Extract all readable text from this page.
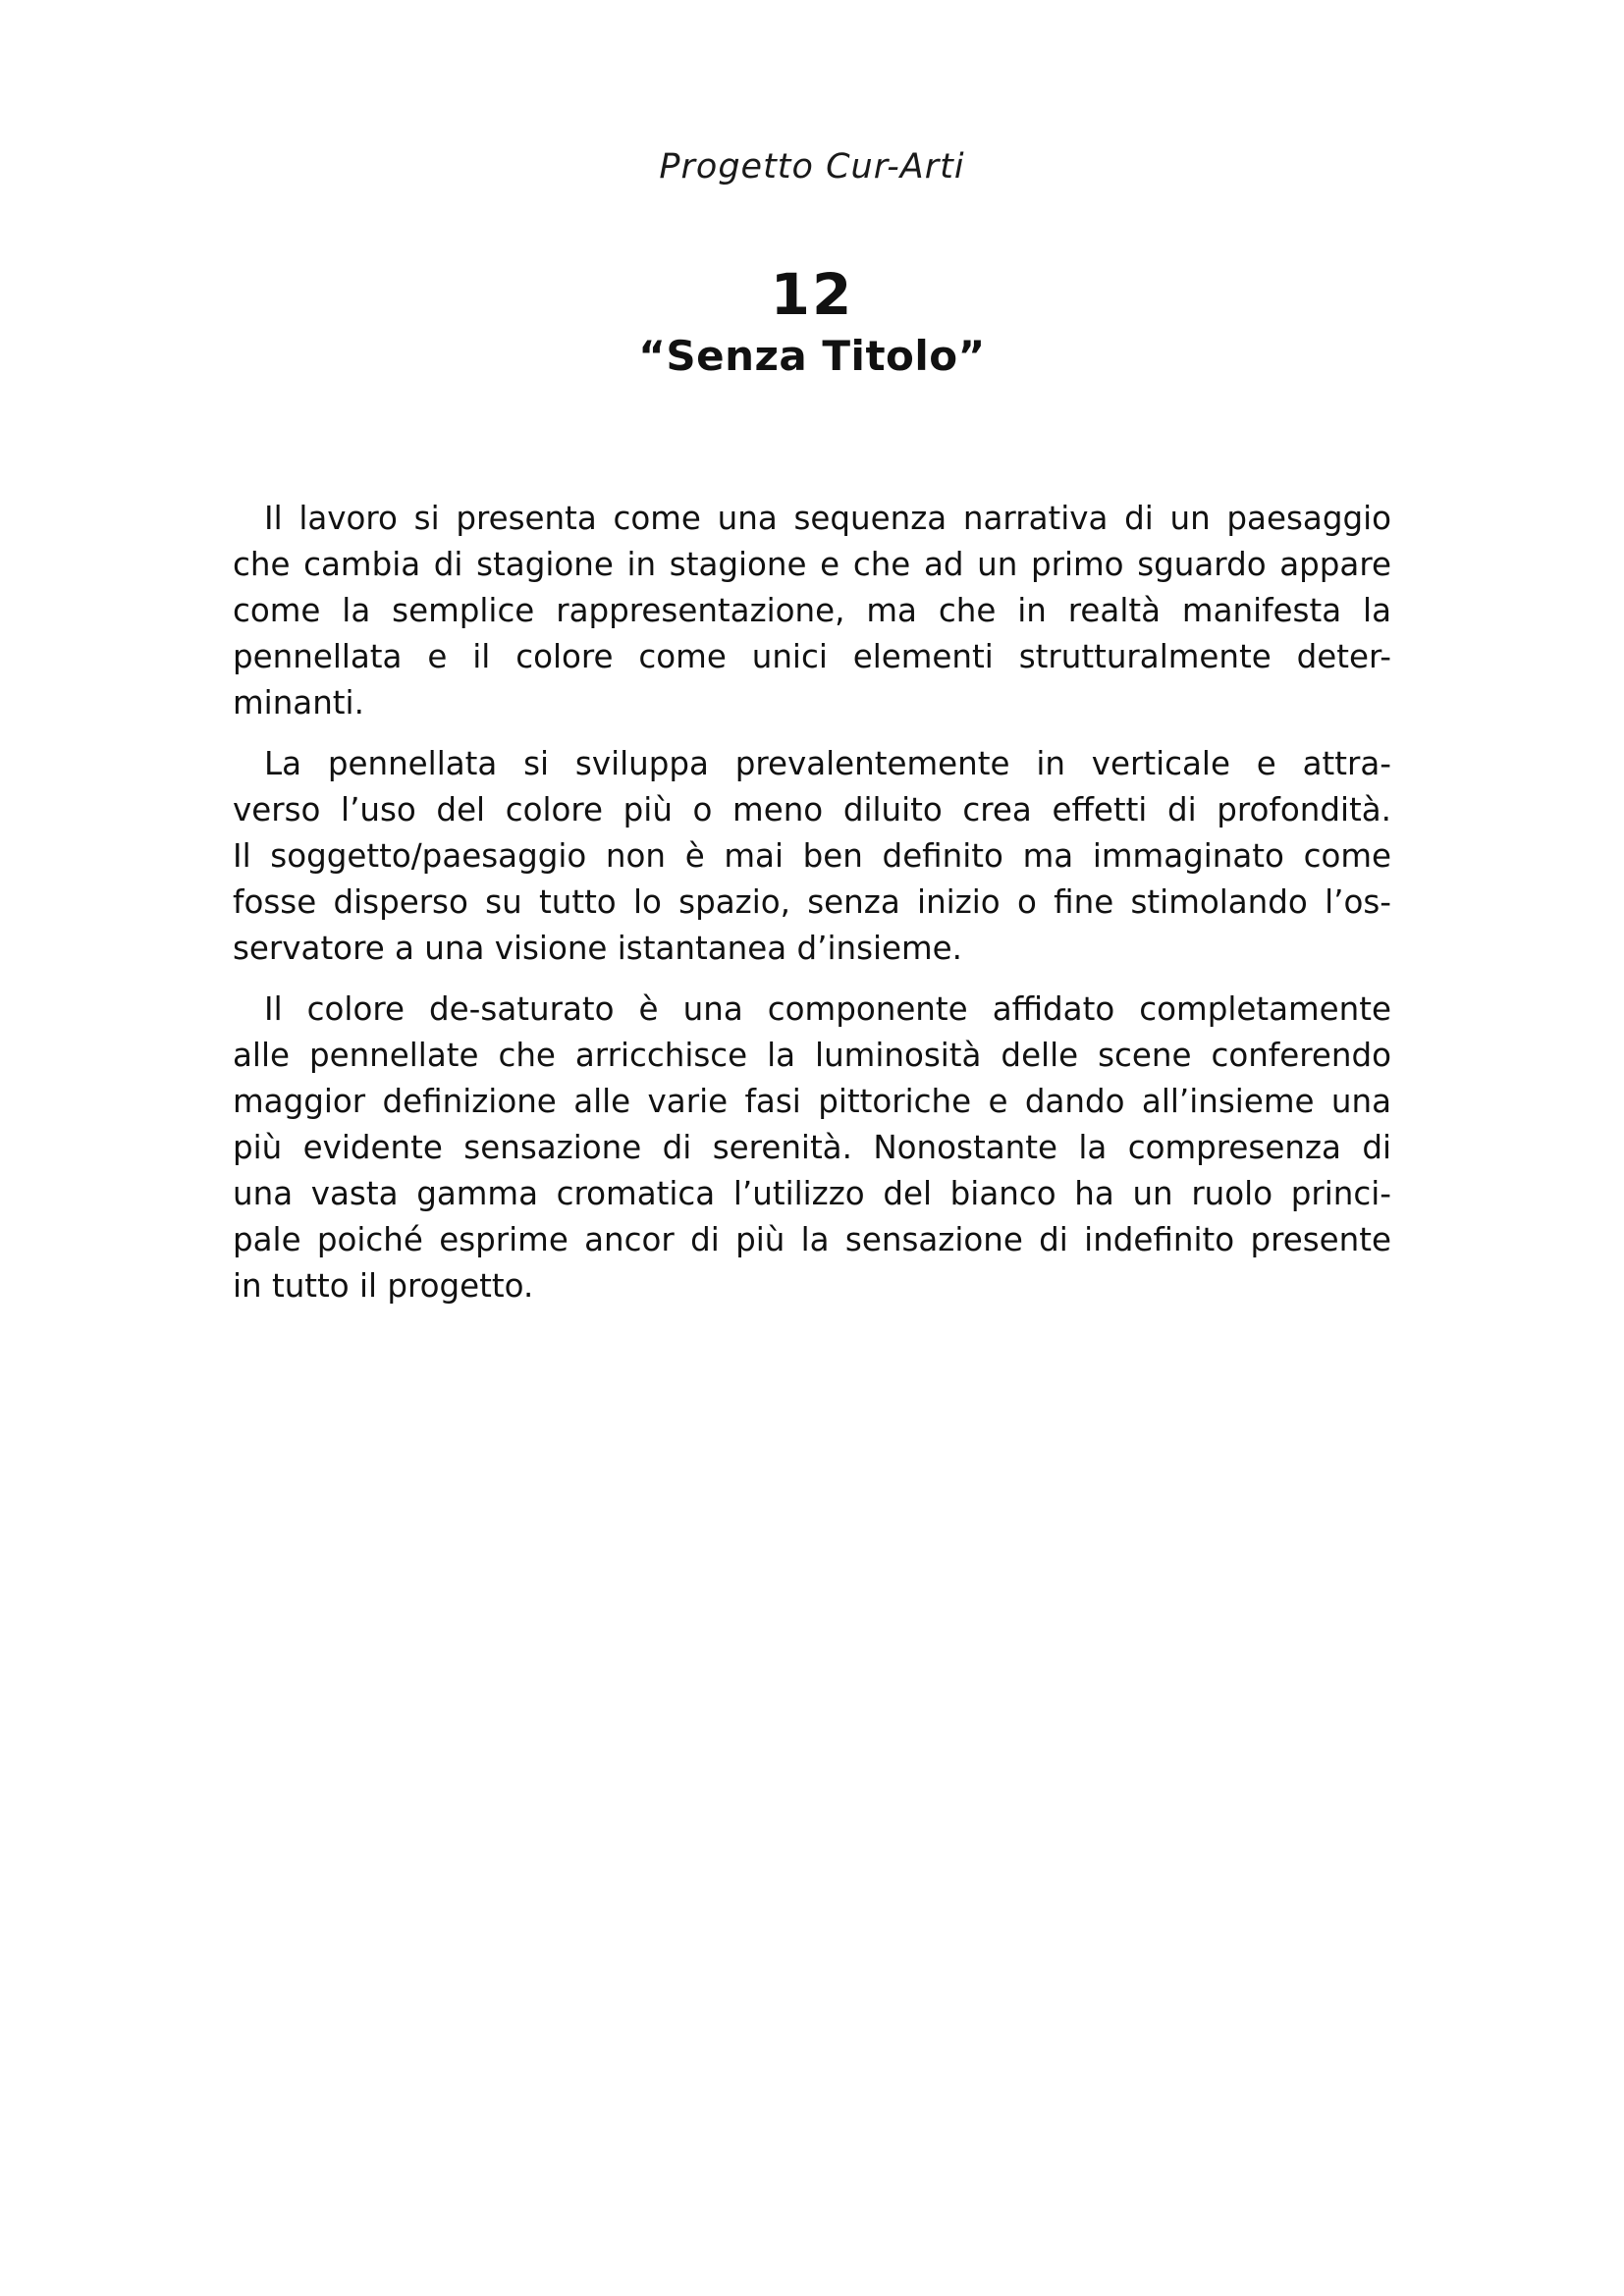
Progetto Cur-Arti
12
“Senza Titolo”

Il lavoro si presenta come una sequenza narrativa di un paesaggio
che cambia di stagione in stagione e che ad un primo sguardo appare
come la semplice rappresentazione, ma che in realtà manifesta la
pennellata e il colore come unici elementi strutturalmente deter-
minanti.

La pennellata si sviluppa prevalentemente in verticale e attra-
verso l’uso del colore più o meno diluito crea effetti di profondità.
Il soggetto/paesaggio non è mai ben definito ma immaginato come
fosse disperso su tutto lo spazio, senza inizio o fine stimolando l’os-
servatore a una visione istantanea d’insieme.

Il colore de-saturato è una componente affidato completamente
alle pennellate che arricchisce la luminosità delle scene conferendo
maggior definizione alle varie fasi pittoriche e dando all’insieme una
più evidente sensazione di serenità. Nonostante la compresenza di
una vasta gamma cromatica l’utilizzo del bianco ha un ruolo princi-
pale poiché esprime ancor di più la sensazione di indefinito presente
in tutto il progetto.
